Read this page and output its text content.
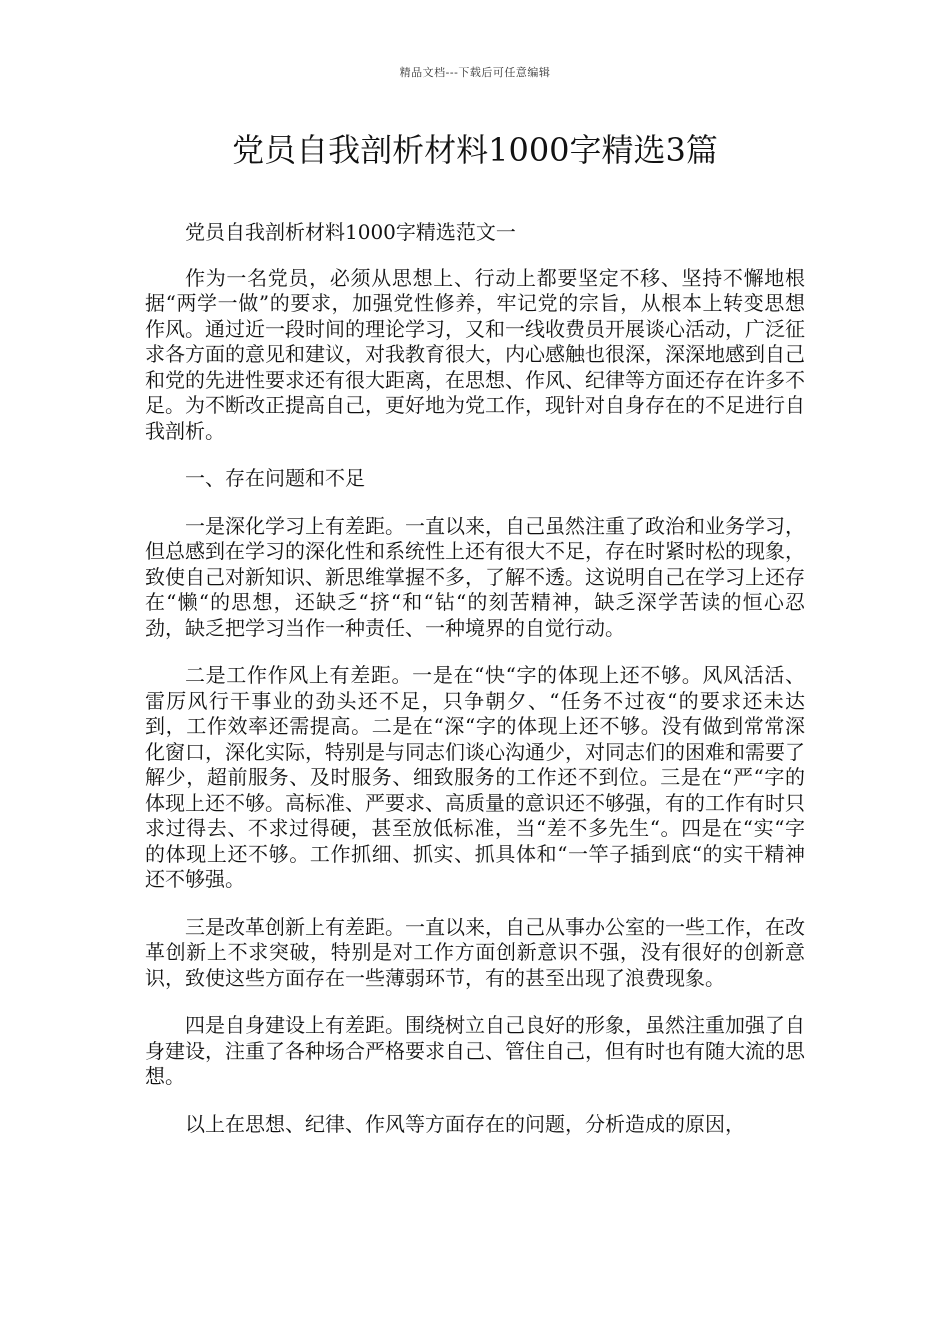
精品文档---下载后可任意编辑
党员自我剖析材料1000字精选3篇

党员自我剖析材料1000字精选范文一

作为一名党员，必须从思想上、行动上都要坚定不移、坚持不懈地根据“两学一做”的要求，加强党性修养，牢记党的宗旨，从根本上转变思想作风。通过近一段时间的理论学习，又和一线收费员开展谈心活动，广泛征求各方面的意见和建议，对我教育很大，内心感触也很深，深深地感到自己和党的先进性要求还有很大距离，在思想、作风、纪律等方面还存在许多不足。为不断改正提高自己，更好地为党工作，现针对自身存在的不足进行自我剖析。

一、存在问题和不足

一是深化学习上有差距。一直以来，自己虽然注重了政治和业务学习，但总感到在学习的深化性和系统性上还有很大不足，存在时紧时松的现象，致使自己对新知识、新思维掌握不多，了解不透。这说明自己在学习上还存在“懒“的思想，还缺乏“挤“和“钻“的刻苦精神，缺乏深学苦读的恒心忍劲，缺乏把学习当作一种责任、一种境界的自觉行动。

二是工作作风上有差距。一是在“快“字的体现上还不够。风风活活、雷厉风行干事业的劲头还不足，只争朝夕、“任务不过夜“的要求还未达到，工作效率还需提高。二是在“深“字的体现上还不够。没有做到常常深化窗口，深化实际，特别是与同志们谈心沟通少，对同志们的困难和需要了解少，超前服务、及时服务、细致服务的工作还不到位。三是在“严“字的体现上还不够。高标准、严要求、高质量的意识还不够强，有的工作有时只求过得去、不求过得硬，甚至放低标准，当“差不多先生“。四是在“实“字的体现上还不够。工作抓细、抓实、抓具体和“一竿子插到底“的实干精神还不够强。

三是改革创新上有差距。一直以来，自己从事办公室的一些工作，在改革创新上不求突破，特别是对工作方面创新意识不强，没有很好的创新意识，致使这些方面存在一些薄弱环节，有的甚至出现了浪费现象。

四是自身建设上有差距。围绕树立自己良好的形象，虽然注重加强了自身建设，注重了各种场合严格要求自己、管住自己，但有时也有随大流的思想。

以上在思想、纪律、作风等方面存在的问题，分析造成的原因，
